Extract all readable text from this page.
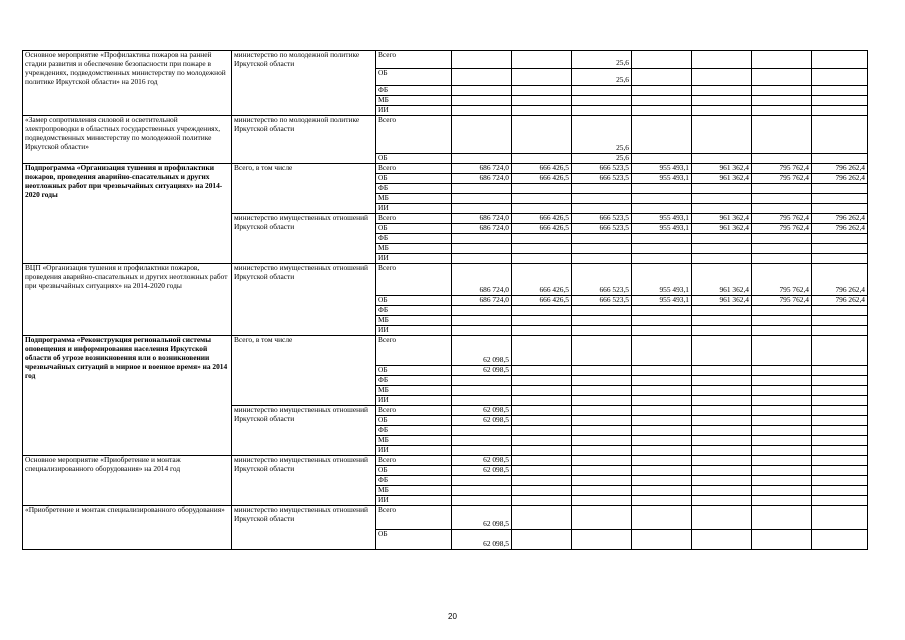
Основное мероприятие «Профилактика пожаров на ранней стадии развития и обеспечение безопасности при пожаре в учреждениях, подведомственных министерству по молодежной политике Иркутской области» на 2016 год	министерство по молодежной политике Иркутской области	Всего			25,6				
		ОБ			25,6				
		ФБ							
		МБ							
		ИИ							
«Замер сопротивления силовой и осветительной электропроводки в областных государственных учреждениях, подведомственных министерству по молодежной политике Иркутской области»	министерство по молодежной политике Иркутской области	Всего			25,6				
		ОБ			25,6				
Подпрограмма «Организация тушения и профилактики пожаров, проведения аварийно-спасательных и других неотложных работ при чрезвычайных ситуациях» на 2014-2020 годы	Всего, в том числе	Всего	686 724,0	666 426,5	666 523,5	955 493,1	961 362,4	795 762,4	796 262,4
		ОБ	686 724,0	666 426,5	666 523,5	955 493,1	961 362,4	795 762,4	796 262,4
		ФБ							
		МБ							
		ИИ							
	министерство имущественных отношений Иркутской области	Всего	686 724,0	666 426,5	666 523,5	955 493,1	961 362,4	795 762,4	796 262,4
		ОБ	686 724,0	666 426,5	666 523,5	955 493,1	961 362,4	795 762,4	796 262,4
		ФБ							
		МБ							
		ИИ							
ВЦП «Организация тушения и профилактики пожаров, проведения аварийно-спасательных и других неотложных работ при чрезвычайных ситуациях» на 2014-2020 годы	министерство имущественных отношений Иркутской области	Всего	686 724,0	666 426,5	666 523,5	955 493,1	961 362,4	795 762,4	796 262,4
		ОБ	686 724,0	666 426,5	666 523,5	955 493,1	961 362,4	795 762,4	796 262,4
		ФБ							
		МБ							
		ИИ							
Подпрограмма «Реконструкция региональной системы оповещения и информирования населения Иркутской области об угрозе возникновения или о возникновении чрезвычайных ситуаций в мирное и военное время» на 2014 год	Всего, в том числе	Всего	62 098,5						
		ОБ	62 098,5						
		ФБ							
		МБ							
		ИИ							
	министерство имущественных отношений Иркутской области	Всего	62 098,5						
		ОБ	62 098,5						
		ФБ							
		МБ							
		ИИ							
Основное мероприятие «Приобретение и монтаж специализированного оборудования» на 2014 год	министерство имущественных отношений Иркутской области	Всего	62 098,5						
		ОБ	62 098,5						
		ФБ							
		МБ							
		ИИ							
«Приобретение и монтаж специализированного оборудования»	министерство имущественных отношений Иркутской области	Всего	62 098,5						
		ОБ	62 098,5						
20
